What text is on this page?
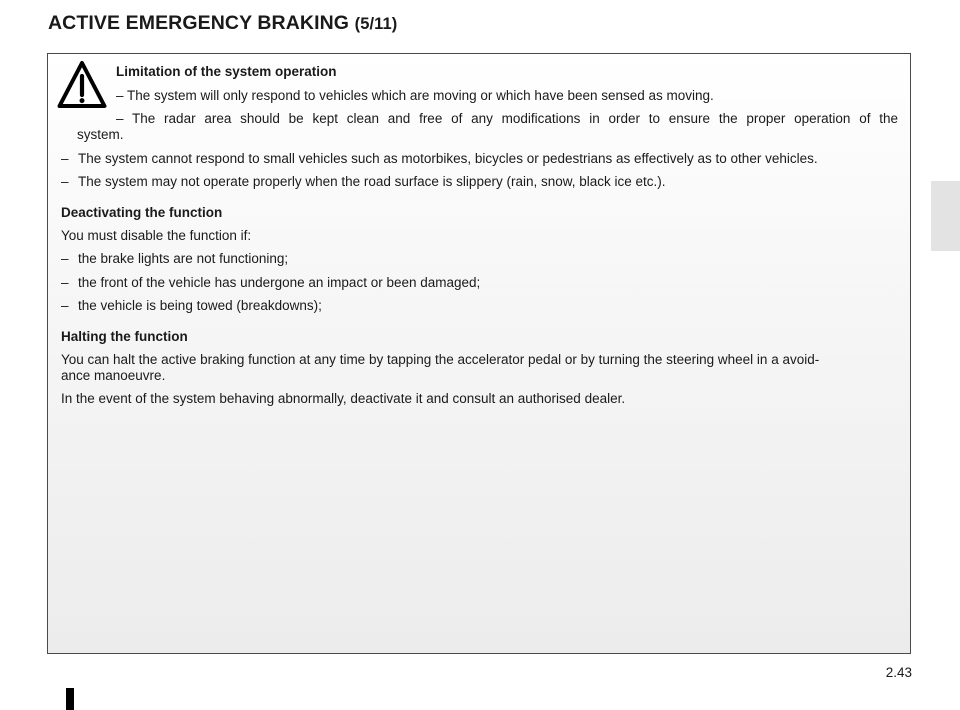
ACTIVE EMERGENCY BRAKING (5/11)

Limitation of the system operation

– The system will only respond to vehicles which are moving or which have been sensed as moving.

– The radar area should be kept clean and free of any modifications in order to ensure the proper operation of the

system.

– The system cannot respond to small vehicles such as motorbikes, bicycles or pedestrians as effectively as to other vehicles.
– The system may not operate properly when the road surface is slippery (rain, snow, black ice etc.).

Deactivating the function

You must disable the function if:

– the brake lights are not functioning;
– the front of the vehicle has undergone an impact or been damaged;
– the vehicle is being towed (breakdowns);

Halting the function

You can halt the active braking function at any time by tapping the accelerator pedal or by turning the steering wheel in a avoid-

ance manoeuvre.

In the event of the system behaving abnormally, deactivate it and consult an authorised dealer.

2.43
